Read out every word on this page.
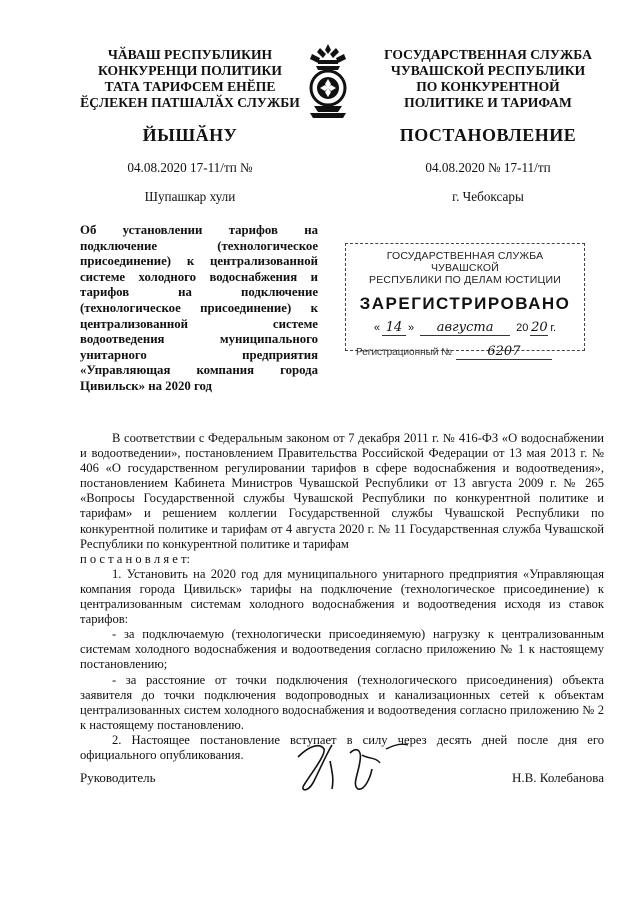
ЧӐВАШ РЕСПУБЛИКИН
КОНКУРЕНЦИ ПОЛИТИКИ
ТАТА ТАРИФСЕМ ЕНӖПЕ
ӖҪЛЕКЕН ПАТШАЛӐХ СЛУЖБИ
ГОСУДАРСТВЕННАЯ СЛУЖБА
ЧУВАШСКОЙ РЕСПУБЛИКИ
ПО КОНКУРЕНТНОЙ
ПОЛИТИКЕ И ТАРИФАМ
ЙЫШӐНУ	ПОСТАНОВЛЕНИЕ
04.08.2020 17-11/тп №	04.08.2020 № 17-11/тп
Шупашкар хули	г. Чебоксары
Об установлении тарифов на
подключение (технологическое
присоединение) к централизованной
системе холодного водоснабжения и
тарифов на подключение
(технологическое присоединение) к
централизованной системе
водоотведения муниципального
унитарного предприятия
«Управляющая компания города
Цивильск» на 2020 год
ГОСУДАРСТВЕННАЯ СЛУЖБА ЧУВАШСКОЙ
РЕСПУБЛИКИ ПО ДЕЛАМ ЮСТИЦИИ
ЗАРЕГИСТРИРОВАНО
« 14 »	августа	20 20 г.
Регистрационный №	6207

В соответствии с Федеральным законом от 7 декабря 2011 г. № 416-ФЗ «О водоснабжении и водоотведении», постановлением Правительства Российской Федерации от 13 мая 2013 г. № 406 «О государственном регулировании тарифов в сфере водоснабжения и водоотведения», постановлением Кабинета Министров Чувашской Республики от 13 августа 2009 г. № 265 «Вопросы Государственной службы Чувашской Республики по конкурентной политике и тарифам» и решением коллегии Государственной службы Чувашской Республики по конкурентной политике и тарифам от 4 августа 2020 г. № 11 Государственная служба Чувашской Республики по конкурентной политике и тарифам

п о с т а н о в л я е т:

1. Установить на 2020 год для муниципального унитарного предприятия «Управляющая компания города Цивильск» тарифы на подключение (технологическое присоединение) к централизованным системам холодного водоснабжения и водоотведения исходя из ставок тарифов:

- за подключаемую (технологически присоединяемую) нагрузку к централизованным системам холодного водоснабжения и водоотведения согласно приложению № 1 к настоящему постановлению;

- за расстояние от точки подключения (технологического присоединения) объекта заявителя до точки подключения водопроводных и канализационных сетей к объектам централизованных систем холодного водоснабжения и водоотведения согласно приложению № 2 к настоящему постановлению.

2. Настоящее постановление вступает в силу через десять дней после дня его официального опубликования.

Руководитель	Н.В. Колебанова
